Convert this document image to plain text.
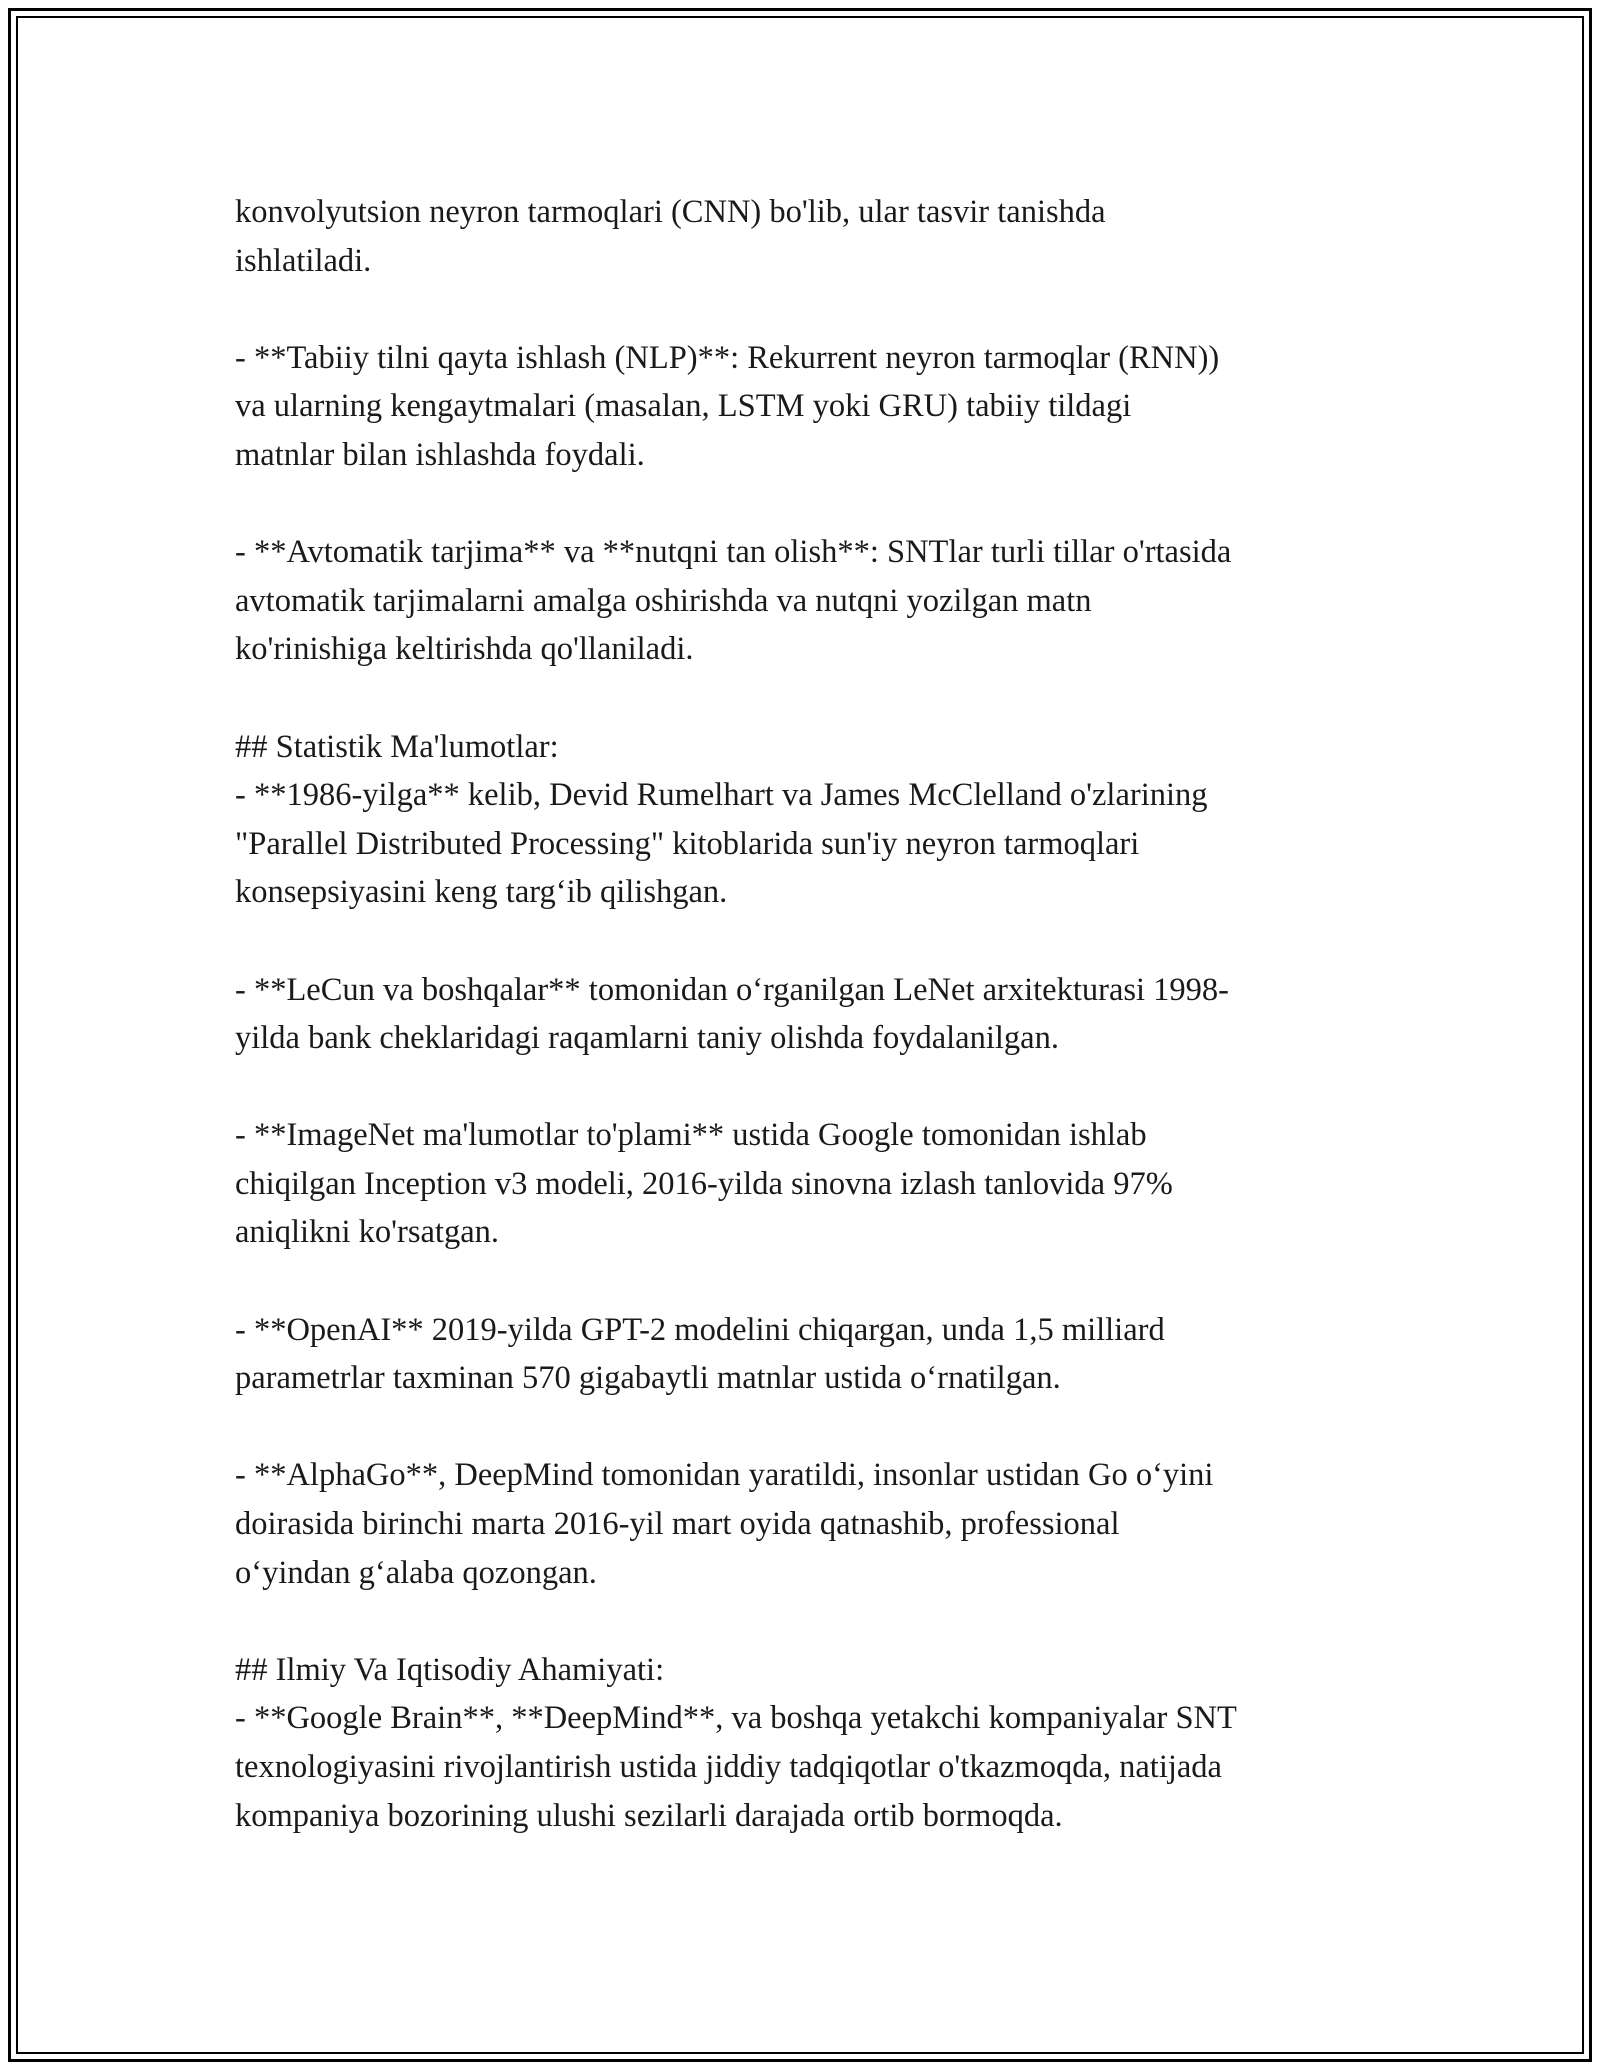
konvolyutsion neyron tarmoqlari (CNN) bo'lib, ular tasvir tanishda
ishlatiladi.
- **Tabiiy tilni qayta ishlash (NLP)**: Rekurrent neyron tarmoqlar (RNN))
va ularning kengaytmalari (masalan, LSTM yoki GRU) tabiiy tildagi
matnlar bilan ishlashda foydali.
- **Avtomatik tarjima** va **nutqni tan olish**: SNTlar turli tillar o'rtasida
avtomatik tarjimalarni amalga oshirishda va nutqni yozilgan matn
ko'rinishiga keltirishda qo'llaniladi.
## Statistik Ma'lumotlar:
- **1986-yilga** kelib, Devid Rumelhart va James McClelland o'zlarining
"Parallel Distributed Processing" kitoblarida sun'iy neyron tarmoqlari
konsepsiyasini keng targ‘ib qilishgan.
- **LeCun va boshqalar** tomonidan o‘rganilgan LeNet arxitekturasi 1998-
yilda bank cheklaridagi raqamlarni taniy olishda foydalanilgan.
- **ImageNet ma'lumotlar to'plami** ustida Google tomonidan ishlab
chiqilgan Inception v3 modeli, 2016-yilda sinovna izlash tanlovida 97%
aniqlikni ko'rsatgan.
- **OpenAI** 2019-yilda GPT-2 modelini chiqargan, unda 1,5 milliard
parametrlar taxminan 570 gigabaytli matnlar ustida o‘rnatilgan.
- **AlphaGo**, DeepMind tomonidan yaratildi, insonlar ustidan Go o‘yini
doirasida birinchi marta 2016-yil mart oyida qatnashib, professional
o‘yindan g‘alaba qozongan.
## Ilmiy Va Iqtisodiy Ahamiyati:
- **Google Brain**, **DeepMind**, va boshqa yetakchi kompaniyalar SNT
texnologiyasini rivojlantirish ustida jiddiy tadqiqotlar o'tkazmoqda, natijada
kompaniya bozorining ulushi sezilarli darajada ortib bormoqda.
